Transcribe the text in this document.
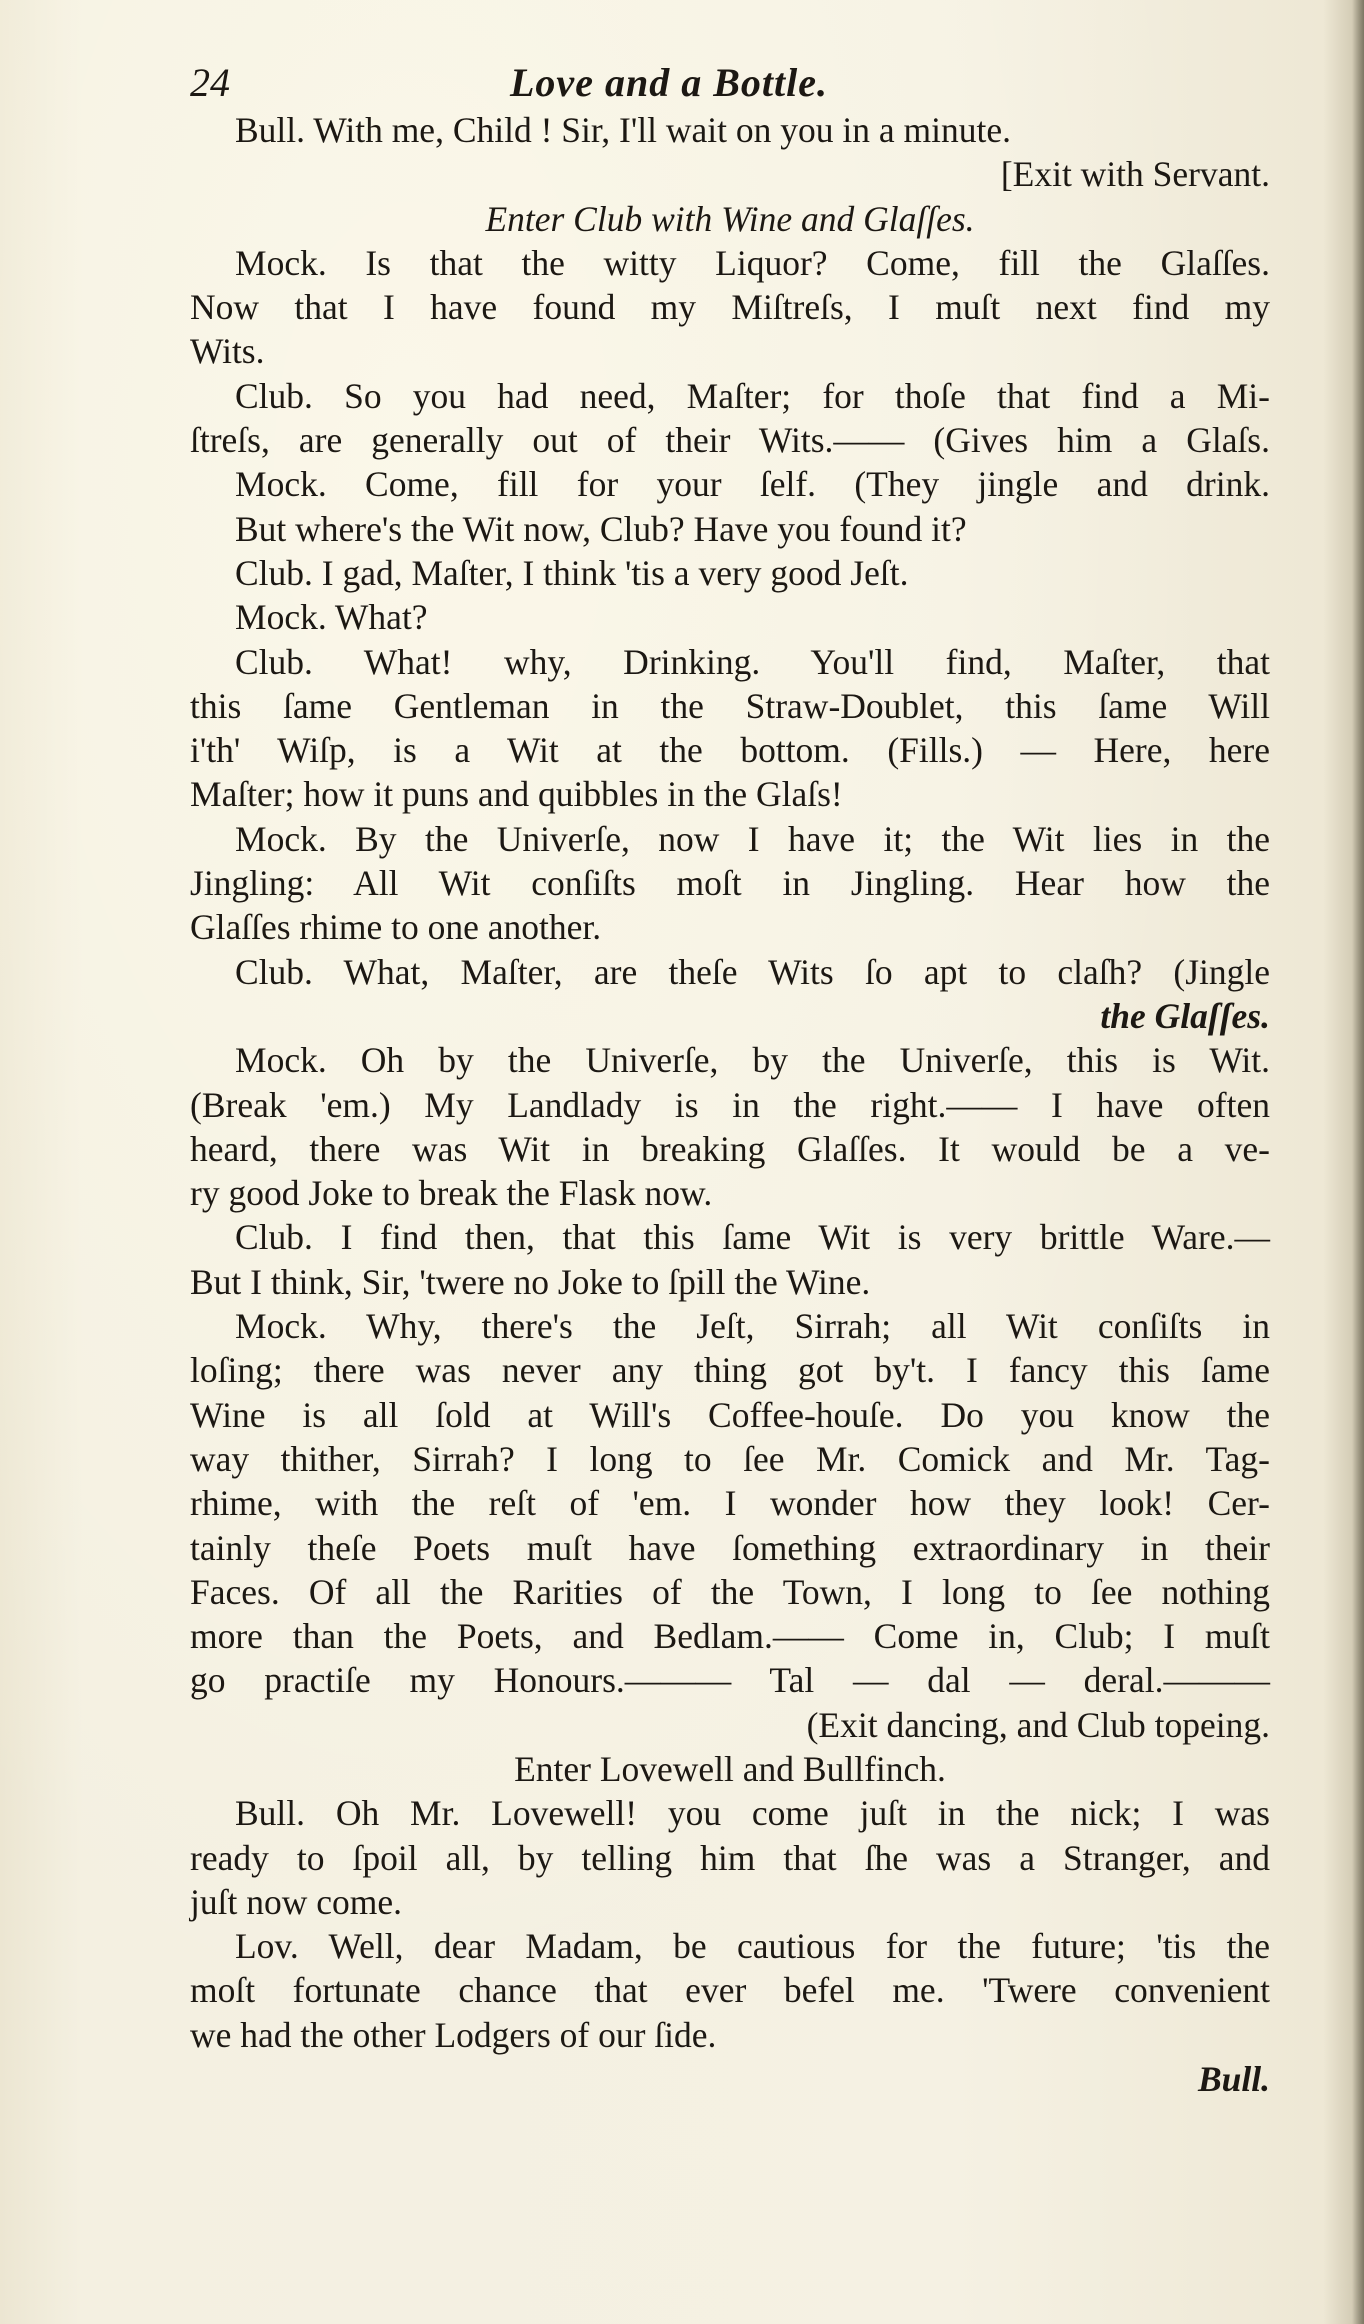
24	Love and a Bottle.
Bull. With me, Child ! Sir, I'll wait on you in a minute.
[Exit with Servant.
Enter Club with Wine and Glaſſes.
Mock. Is that the witty Liquor? Come, fill the Glaſſes.
Now that I have found my Miſtreſs, I muſt next find my
Wits.
Club. So you had need, Maſter; for thoſe that find a Mi-
ſtreſs, are generally out of their Wits.—— (Gives him a Glaſs.
Mock. Come, fill for your ſelf. (They jingle and drink.
But where's the Wit now, Club? Have you found it?
Club. I gad, Maſter, I think 'tis a very good Jeſt.
Mock. What?
Club. What! why, Drinking. You'll find, Maſter, that
this ſame Gentleman in the Straw-Doublet, this ſame Will
i'th' Wiſp, is a Wit at the bottom. (Fills.) — Here, here
Maſter; how it puns and quibbles in the Glaſs!
Mock. By the Univerſe, now I have it; the Wit lies in the
Jingling: All Wit conſiſts moſt in Jingling. Hear how the
Glaſſes rhime to one another.
Club. What, Maſter, are theſe Wits ſo apt to claſh? (Jingle
the Glaſſes.
Mock. Oh by the Univerſe, by the Univerſe, this is Wit.
(Break 'em.) My Landlady is in the right.—— I have often
heard, there was Wit in breaking Glaſſes. It would be a ve-
ry good Joke to break the Flask now.
Club. I find then, that this ſame Wit is very brittle Ware.—
But I think, Sir, 'twere no Joke to ſpill the Wine.
Mock. Why, there's the Jeſt, Sirrah; all Wit conſiſts in
loſing; there was never any thing got by't. I fancy this ſame
Wine is all ſold at Will's Coffee-houſe. Do you know the
way thither, Sirrah? I long to ſee Mr. Comick and Mr. Tag-
rhime, with the reſt of 'em. I wonder how they look! Cer-
tainly theſe Poets muſt have ſomething extraordinary in their
Faces. Of all the Rarities of the Town, I long to ſee nothing
more than the Poets, and Bedlam.—— Come in, Club; I muſt
go practiſe my Honours.——— Tal — dal — deral.———
(Exit dancing, and Club topeing.
Enter Lovewell and Bullfinch.
Bull. Oh Mr. Lovewell! you come juſt in the nick; I was
ready to ſpoil all, by telling him that ſhe was a Stranger, and
juſt now come.
Lov. Well, dear Madam, be cautious for the future; 'tis the
moſt fortunate chance that ever befel me. 'Twere convenient
we had the other Lodgers of our ſide.
Bull.
